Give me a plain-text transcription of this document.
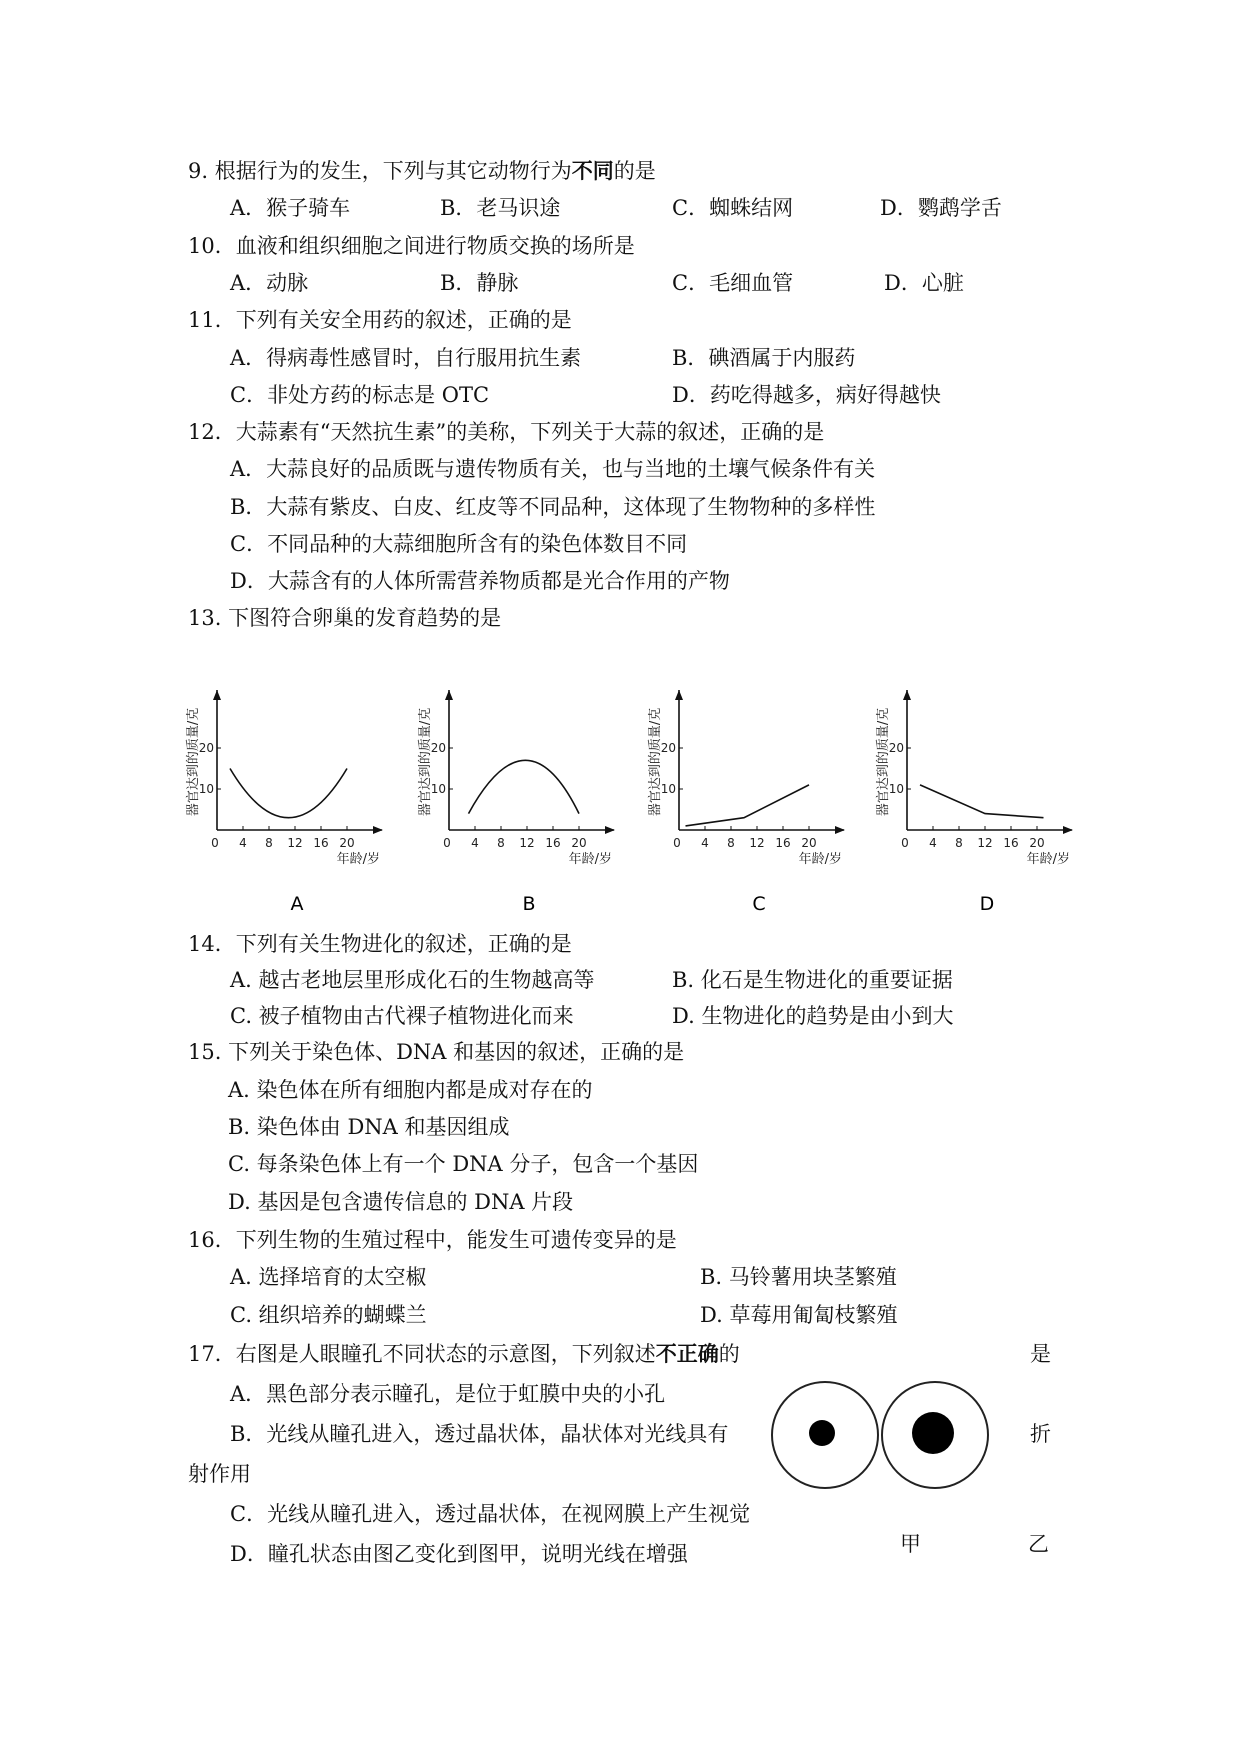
9. 根据行为的发生，下列与其它动物行为不同的是
A．猴子骑车	B．老马识途	C．蜘蛛结网	D．鹦鹉学舌
10．血液和组织细胞之间进行物质交换的场所是
A．动脉	B．静脉	C．毛细血管	D．心脏
11．下列有关安全用药的叙述，正确的是
A．得病毒性感冒时，自行服用抗生素	B．碘酒属于内服药
C．非处方药的标志是 OTC	D．药吃得越多，病好得越快
12．大蒜素有“天然抗生素”的美称，下列关于大蒜的叙述，正确的是
A．大蒜良好的品质既与遗传物质有关，也与当地的土壤气候条件有关
B．大蒜有紫皮、白皮、红皮等不同品种，这体现了生物物种的多样性
C．不同品种的大蒜细胞所含有的染色体数目不同
D．大蒜含有的人体所需营养物质都是光合作用的产物
13. 下图符合卵巢的发育趋势的是
0 4 8 12 16 20
10
20
器官达到的质量/克
年龄/岁
A
0 4 8 12 16 20
10
20
器官达到的质量/克
年龄/岁
B
0 4 8 12 16 20
10
20
器官达到的质量/克
年龄/岁
C
0 4 8 12 16 20
10
20
器官达到的质量/克
年龄/岁
D
14．下列有关生物进化的叙述，正确的是
A. 越古老地层里形成化石的生物越高等	B. 化石是生物进化的重要证据
C. 被子植物由古代裸子植物进化而来	D. 生物进化的趋势是由小到大
15. 下列关于染色体、DNA 和基因的叙述，正确的是
A. 染色体在所有细胞内都是成对存在的
B. 染色体由 DNA 和基因组成
C. 每条染色体上有一个 DNA 分子，包含一个基因
D. 基因是包含遗传信息的 DNA 片段
16．下列生物的生殖过程中，能发生可遗传变异的是
A. 选择培育的太空椒	B. 马铃薯用块茎繁殖
C. 组织培养的蝴蝶兰	D. 草莓用匍匐枝繁殖
17．右图是人眼瞳孔不同状态的示意图，下列叙述不正确的	是
A．黑色部分表示瞳孔，是位于虹膜中央的小孔
B．光线从瞳孔进入，透过晶状体，晶状体对光线具有	折
射作用
C．光线从瞳孔进入，透过晶状体，在视网膜上产生视觉
D．瞳孔状态由图乙变化到图甲，说明光线在增强	甲	乙
